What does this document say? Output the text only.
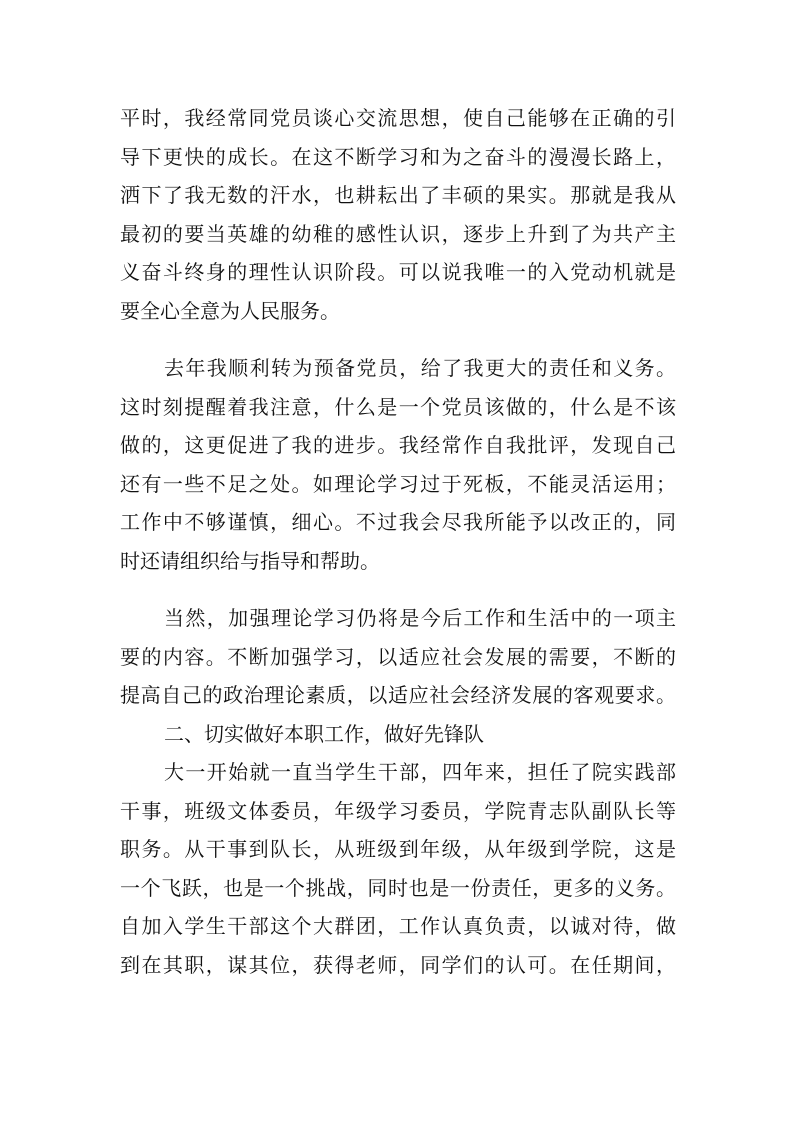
平时，我经常同党员谈心交流思想，使自己能够在正确的引
导下更快的成长。在这不断学习和为之奋斗的漫漫长路上，
洒下了我无数的汗水，也耕耘出了丰硕的果实。那就是我从
最初的要当英雄的幼稚的感性认识，逐步上升到了为共产主
义奋斗终身的理性认识阶段。可以说我唯一的入党动机就是
要全心全意为人民服务。
去年我顺利转为预备党员，给了我更大的责任和义务。
这时刻提醒着我注意，什么是一个党员该做的，什么是不该
做的，这更促进了我的进步。我经常作自我批评，发现自己
还有一些不足之处。如理论学习过于死板，不能灵活运用；
工作中不够谨慎，细心。不过我会尽我所能予以改正的，同
时还请组织给与指导和帮助。
当然，加强理论学习仍将是今后工作和生活中的一项主
要的内容。不断加强学习，以适应社会发展的需要，不断的
提高自己的政治理论素质，以适应社会经济发展的客观要求。
二、切实做好本职工作，做好先锋队
大一开始就一直当学生干部，四年来，担任了院实践部
干事，班级文体委员，年级学习委员，学院青志队副队长等
职务。从干事到队长，从班级到年级，从年级到学院，这是
一个飞跃，也是一个挑战，同时也是一份责任，更多的义务。
自加入学生干部这个大群团，工作认真负责，以诚对待，做
到在其职，谋其位，获得老师，同学们的认可。在任期间，
